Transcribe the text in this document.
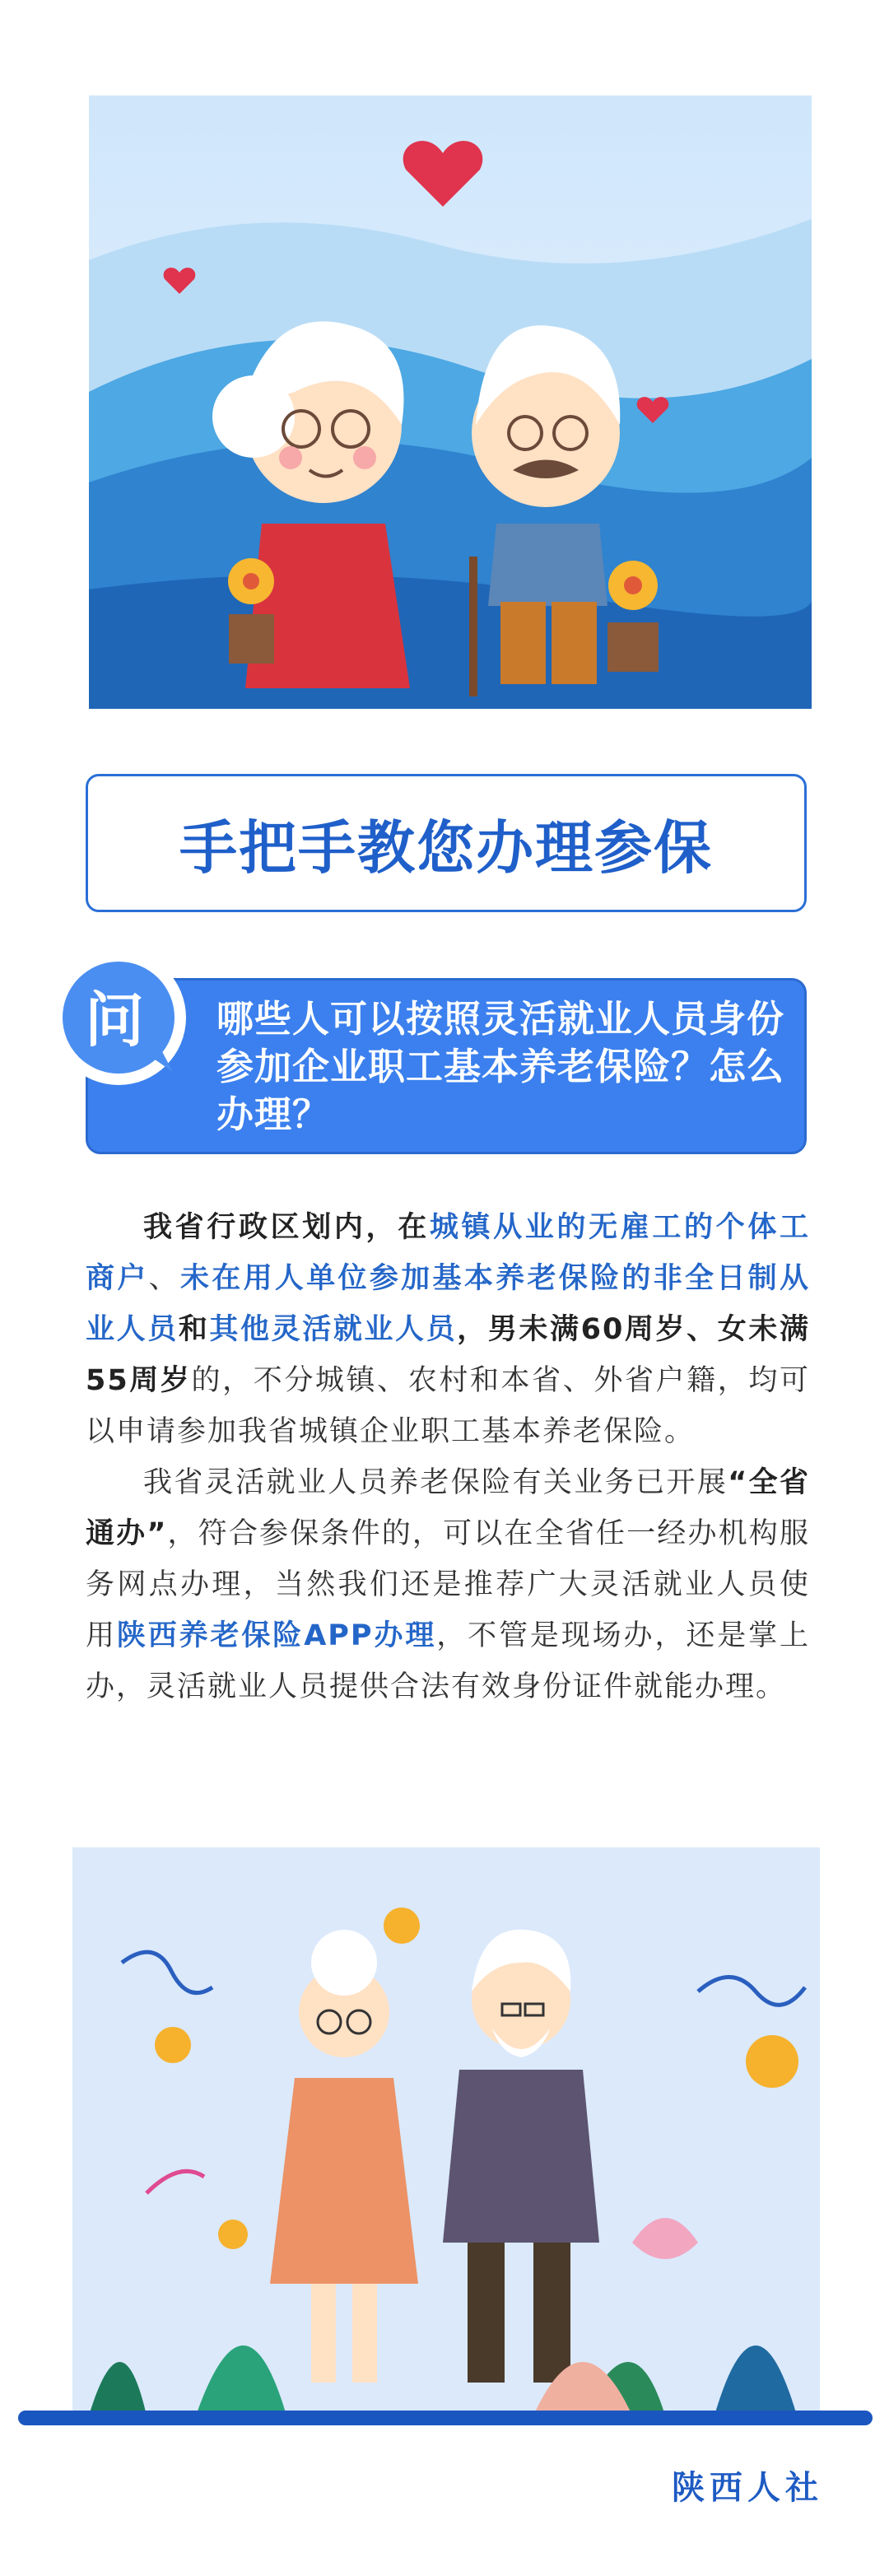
手把手教您办理参保
哪些人可以按照灵活就业人员身份参加企业职工基本养老保险？怎么办理？
问

我省行政区划内，在城镇从业的无雇工的个体工商户、未在用人单位参加基本养老保险的非全日制从业人员和其他灵活就业人员，男未满60周岁、女未满55周岁的，不分城镇、农村和本省、外省户籍，均可以申请参加我省城镇企业职工基本养老保险。

我省灵活就业人员养老保险有关业务已开展“全省通办”，符合参保条件的，可以在全省任一经办机构服务网点办理，当然我们还是推荐广大灵活就业人员使用陕西养老保险APP办理，不管是现场办，还是掌上办，灵活就业人员提供合法有效身份证件就能办理。

陕西人社
